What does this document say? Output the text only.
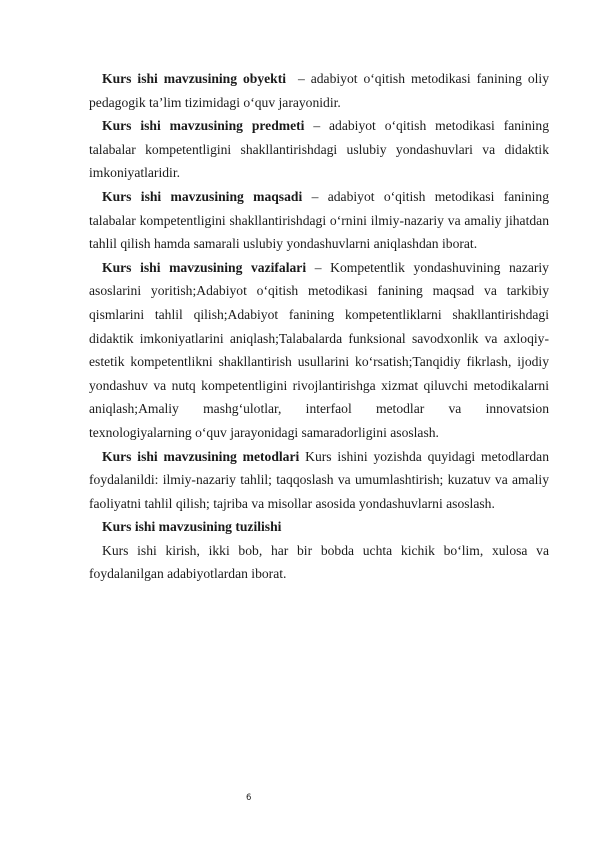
Kurs ishi mavzusining obyekti  – adabiyot o‘qitish metodikasi fanining oliy pedagogik ta’lim tizimidagi o‘quv jarayonidir.

Kurs ishi mavzusining predmeti – adabiyot o‘qitish metodikasi fanining talabalar kompetentligini shakllantirishdagi uslubiy yondashuvlari va didaktik imkoniyatlaridir.

Kurs ishi mavzusining maqsadi – adabiyot o‘qitish metodikasi fanining talabalar kompetentligini shakllantirishdagi o‘rnini ilmiy-nazariy va amaliy jihatdan tahlil qilish hamda samarali uslubiy yondashuvlarni aniqlashdan iborat.

Kurs ishi mavzusining vazifalari – Kompetentlik yondashuvining nazariy asoslarini yoritish;Adabiyot o‘qitish metodikasi fanining maqsad va tarkibiy qismlarini tahlil qilish;Adabiyot fanining kompetentliklarni shakllantirishdagi didaktik imkoniyatlarini aniqlash;Talabalarda funksional savodxonlik va axloqiy-estetik kompetentlikni shakllantirish usullarini ko‘rsatish;Tanqidiy fikrlash, ijodiy yondashuv va nutq kompetentligini rivojlantirishga xizmat qiluvchi metodikalarni aniqlash;Amaliy mashg‘ulotlar, interfaol metodlar va innovatsion texnologiyalarning o‘quv jarayonidagi samaradorligini asoslash.

Kurs ishi mavzusining metodlari Kurs ishini yozishda quyidagi metodlardan foydalanildi: ilmiy-nazariy tahlil; taqqoslash va umumlashtirish; kuzatuv va amaliy faoliyatni tahlil qilish; tajriba va misollar asosida yondashuvlarni asoslash.

Kurs ishi mavzusining tuzilishi

Kurs ishi kirish, ikki bob, har bir bobda uchta kichik bo‘lim, xulosa va foydalanilgan adabiyotlardan iborat.

6
